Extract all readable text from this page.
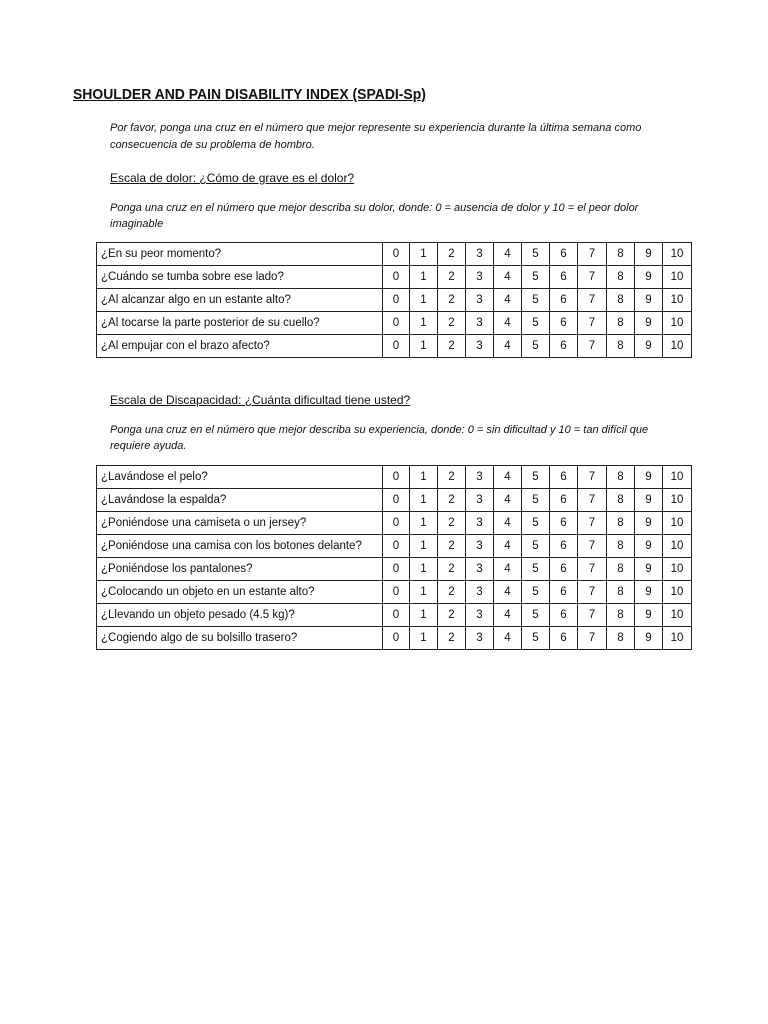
SHOULDER AND PAIN DISABILITY INDEX (SPADI-Sp)
Por favor, ponga una cruz en el número que mejor represente su experiencia durante la última semana como consecuencia de su problema de hombro.
Escala de dolor: ¿Cómo de grave es el dolor?
Ponga una cruz en el número que mejor describa su dolor, donde: 0 = ausencia de dolor y 10 = el peor dolor imaginable
¿En su peor momento?	0	1	2	3	4	5	6	7	8	9	10
¿Cuándo se tumba sobre ese lado?	0	1	2	3	4	5	6	7	8	9	10
¿Al alcanzar algo en un estante alto?	0	1	2	3	4	5	6	7	8	9	10
¿Al tocarse la parte posterior de su cuello?	0	1	2	3	4	5	6	7	8	9	10
¿Al empujar con el brazo afecto?	0	1	2	3	4	5	6	7	8	9	10
Escala de Discapacidad: ¿Cuánta dificultad tiene usted?
Ponga una cruz en el número que mejor describa su experiencia, donde: 0 = sin dificultad y 10 = tan difícil que requiere ayuda.
¿Lavándose el pelo?	0	1	2	3	4	5	6	7	8	9	10
¿Lavándose la espalda?	0	1	2	3	4	5	6	7	8	9	10
¿Poniéndose una camiseta o un jersey?	0	1	2	3	4	5	6	7	8	9	10
¿Poniéndose una camisa con los botones delante?	0	1	2	3	4	5	6	7	8	9	10
¿Poniéndose los pantalones?	0	1	2	3	4	5	6	7	8	9	10
¿Colocando un objeto en un estante alto?	0	1	2	3	4	5	6	7	8	9	10
¿Llevando un objeto pesado (4.5 kg)?	0	1	2	3	4	5	6	7	8	9	10
¿Cogiendo algo de su bolsillo trasero?	0	1	2	3	4	5	6	7	8	9	10
